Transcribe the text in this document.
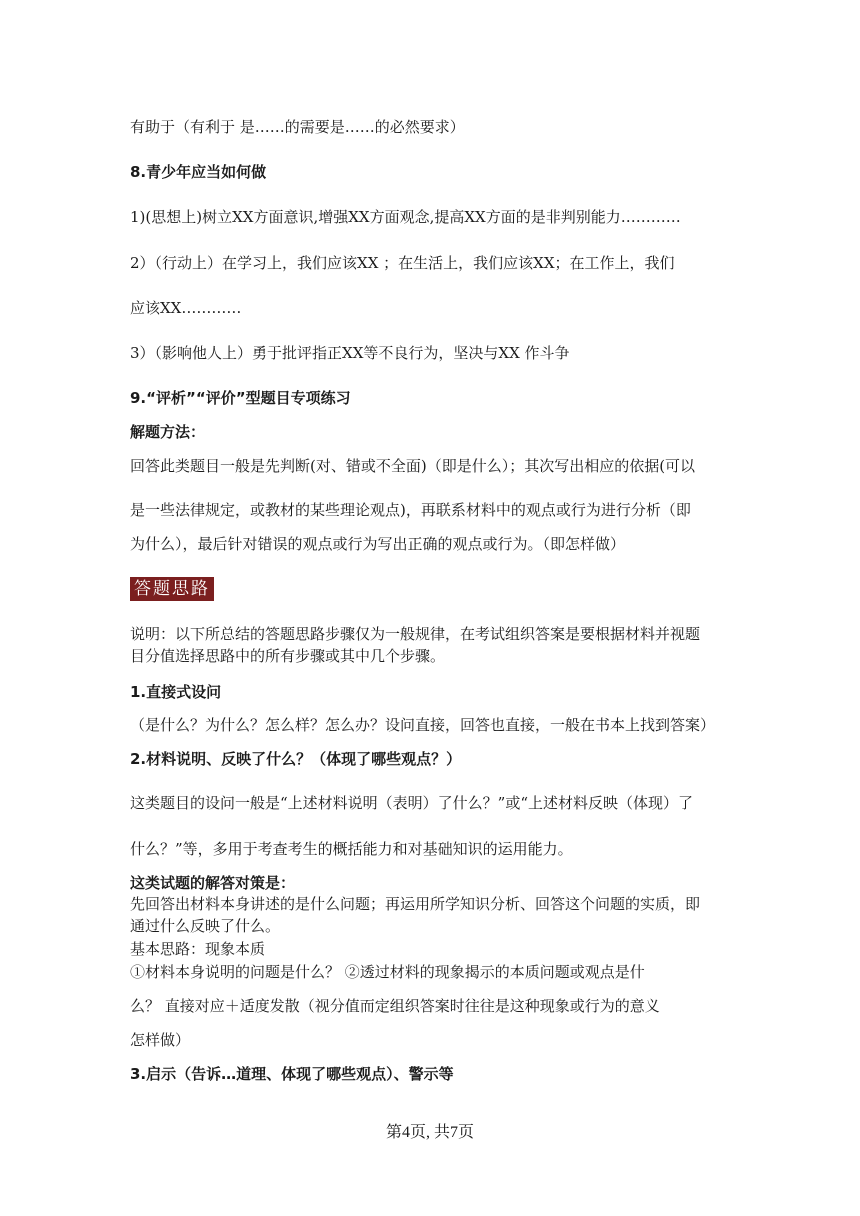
有助于（有利于 是……的需要是……的必然要求）
8.青少年应当如何做
1)(思想上)树立XX方面意识,增强XX方面观念,提高XX方面的是非判别能力…………
2）（行动上）在学习上，我们应该XX ；在生活上，我们应该XX；在工作上，我们
应该XX…………
3）（影响他人上）勇于批评指正XX等不良行为，坚决与XX 作斗争
9.“评析”“评价”型题目专项练习
解题方法：
回答此类题目一般是先判断(对、错或不全面)（即是什么）；其次写出相应的依据(可以
是一些法律规定，或教材的某些理论观点)，再联系材料中的观点或行为进行分析（即
为什么），最后针对错误的观点或行为写出正确的观点或行为。（即怎样做）
答题思路
说明：以下所总结的答题思路步骤仅为一般规律，在考试组织答案是要根据材料并视题
目分值选择思路中的所有步骤或其中几个步骤。
1.直接式设问
（是什么？为什么？怎么样？怎么办？设问直接，回答也直接，一般在书本上找到答案）
2.材料说明、反映了什么？（体现了哪些观点？）
这类题目的设问一般是“上述材料说明（表明）了什么？”或“上述材料反映（体现）了
什么？”等，多用于考查考生的概括能力和对基础知识的运用能力。
这类试题的解答对策是：
先回答出材料本身讲述的是什么问题；再运用所学知识分析、回答这个问题的实质，即
通过什么反映了什么。
基本思路：现象本质
①材料本身说明的问题是什么？ ②透过材料的现象揭示的本质问题或观点是什
么？ 直接对应＋适度发散（视分值而定组织答案时往往是这种现象或行为的意义
怎样做）
3.启示（告诉…道理、体现了哪些观点）、警示等
第4页, 共7页
